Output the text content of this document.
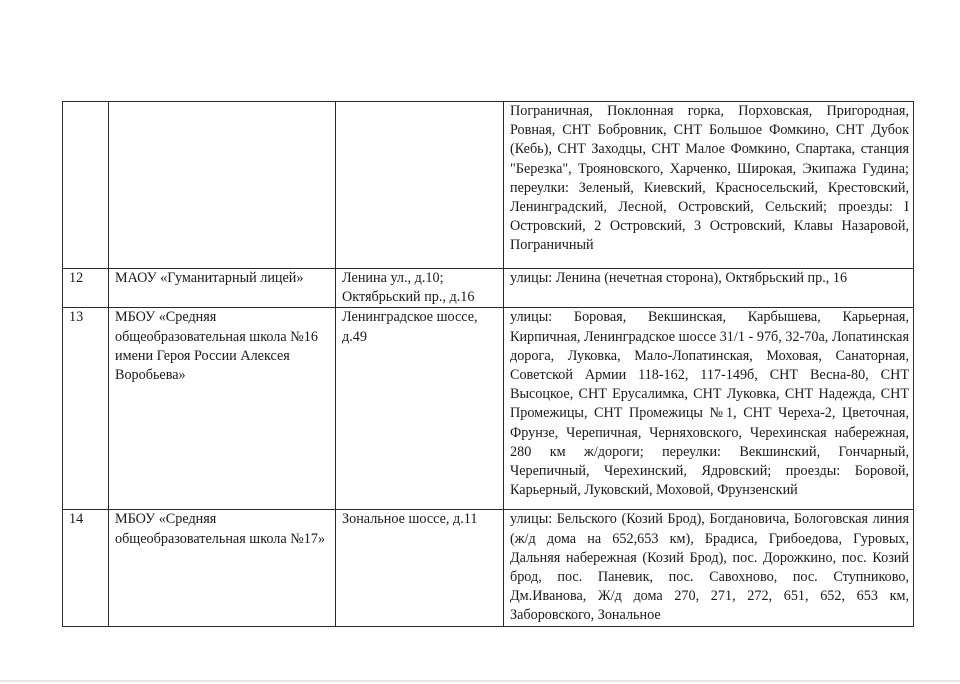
			Пограничная, Поклонная горка, Порховская, Пригородная, Ровная, СНТ Бобровник, СНТ Большое Фомкино, СНТ Дубок (Кебь), СНТ Заходцы, СНТ Малое Фомкино, Спартака, станция "Березка", Трояновского, Харченко, Широкая, Экипажа Гудина; переулки: Зеленый, Киевский, Красносельский, Крестовский, Ленинградский, Лесной, Островский, Сельский; проезды: I Островский, 2 Островский, 3 Островский, Клавы Назаровой, Пограничный
12	МАОУ «Гуманитарный лицей»	Ленина ул., д.10; Октябрьский пр., д.16	улицы: Ленина (нечетная сторона), Октябрьский пр., 16
13	МБОУ «Средняя общеобразовательная школа №16 имени Героя России Алексея Воробьева»	Ленинградское шоссе, д.49	улицы: Боровая, Векшинская, Карбышева, Карьерная, Кирпичная, Ленинградское шоссе 31/1 - 97б, 32-70а, Лопатинская дорога, Луковка, Мало-Лопатинская, Моховая, Санаторная, Советской Армии 118-162, 117-149б, СНТ Весна-80, СНТ Высоцкое, СНТ Ерусалимка, СНТ Луковка, СНТ Надежда, СНТ Промежицы, СНТ Промежицы №1, СНТ Череха-2, Цветочная, Фрунзе, Черепичная, Черняховского, Черехинская набережная, 280 км ж/дороги; переулки: Векшинский, Гончарный, Черепичный, Черехинский, Ядровский; проезды: Боровой, Карьерный, Луковский, Моховой, Фрунзенский
14	МБОУ «Средняя общеобразовательная школа №17»	Зональное шоссе, д.11	улицы: Бельского (Козий Брод), Богдановича, Бологовская линия (ж/д дома на 652,653 км), Брадиса, Грибоедова, Гуровых, Дальняя набережная (Козий Брод), пос. Дорожкино, пос. Козий брод, пос. Паневик, пос. Савохново, пос. Ступниково, Дм.Иванова, Ж/д дома 270, 271, 272, 651, 652, 653 км, Заборовского, Зональное
